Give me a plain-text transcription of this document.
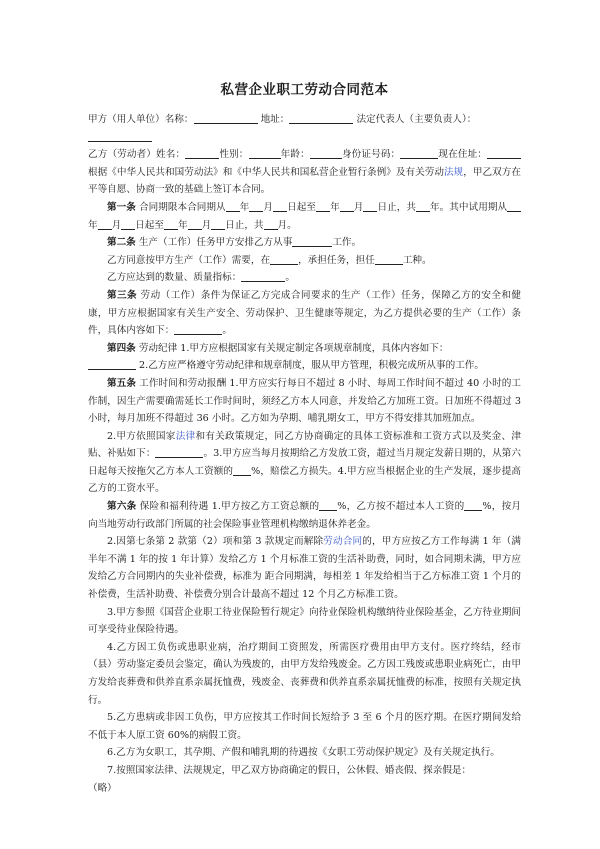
私营企业职工劳动合同范本

甲方（用人单位）名称：	地址：	法定代表人（主要负责人）：

乙方（劳动者）姓名：	性别：	年龄：	身份证号码：	现在住址：根据《中华人民共和国劳动法》和《中华人民共和国私营企业暂行条例》及有关劳动法规，甲乙双方在平等自愿、协商一致的基础上签订本合同。

第一条 合同期限本合同期从 年 月 日起至 年 月 日止，共 年。其中试用期从年 月 日起至 年 月 日止，共 月。

第二条 生产（工作）任务甲方安排乙方从事	工作。

乙方同意按甲方生产（工作）需要，在	，承担任务，担任	工种。

乙方应达到的数量、质量指标：	。

第三条 劳动（工作）条件为保证乙方完成合同要求的生产（工作）任务，保障乙方的安全和健康，甲方应根据国家有关生产安全、劳动保护、卫生健康等规定，为乙方提供必要的生产（工作）条件，具体内容如下：	。

第四条 劳动纪律 1.甲方应根据国家有关规定制定各项规章制度，具体内容如下：

2.乙方应严格遵守劳动纪律和规章制度，服从甲方管理，积极完成所从事的工作。

第五条 工作时间和劳动报酬 1.甲方应实行每日不超过 8 小时、每周工作时间不超过 40 小时的工作制，因生产需要确需延长工作时间时，须经乙方本人同意，并发给乙方加班工资。日加班不得超过 3 小时，每月加班不得超过 36 小时。乙方如为孕期、哺乳期女工，甲方不得安排其加班加点。

2.甲方依照国家法律和有关政策规定，同乙方协商确定的具体工资标准和工资方式以及奖金、津贴、补贴如下：	。3.甲方应当每月按期给乙方发放工资，超过当月规定发薪日期的，从第六日起每天按拖欠乙方本人工资额的 %，赔偿乙方损失。4.甲方应当根据企业的生产发展，逐步提高乙方的工资水平。

第六条 保险和福利待遇 1.甲方按乙方工资总额的 %，乙方按不超过本人工资的 %，按月向当地劳动行政部门所属的社会保险事业管理机构缴纳退休养老金。

2.因第七条第 2 款第（2）项和第 3 款规定而解除劳动合同的，甲方应按乙方工作每满 1 年（满半年不满 1 年的按 1 年计算）发给乙方 1 个月标准工资的生活补助费，同时，如合同期未满，甲方应发给乙方合同期内的失业补偿费，标准为 距合同期满，每相差 1 年发给相当于乙方标准工资 1 个月的补偿费，生活补助费、补偿费分别合计最高不超过 12 个月乙方标准工资。

3.甲方参照《国营企业职工待业保险暂行规定》向待业保险机构缴纳待业保险基金，乙方待业期间可享受待业保险待遇。

4.乙方因工负伤或患职业病，治疗期间工资照发，所需医疗费用由甲方支付。医疗终结，经市（县）劳动鉴定委员会鉴定，确认为残废的，由甲方发给残废金。乙方因工残废或患职业病死亡，由甲方发给丧葬费和供养直系亲属抚恤费，残废金、丧葬费和供养直系亲属抚恤费的标准，按照有关规定执行。

5.乙方患病或非因工负伤，甲方应按其工作时间长短给予 3 至 6 个月的医疗期。在医疗期间发给不低于本人原工资 60%的病假工资。

6.乙方为女职工，其孕期、产假和哺乳期的待遇按《女职工劳动保护规定》及有关规定执行。

7.按照国家法律、法规规定，甲乙双方协商确定的假日，公休假、婚丧假、探亲假是：

（略）
